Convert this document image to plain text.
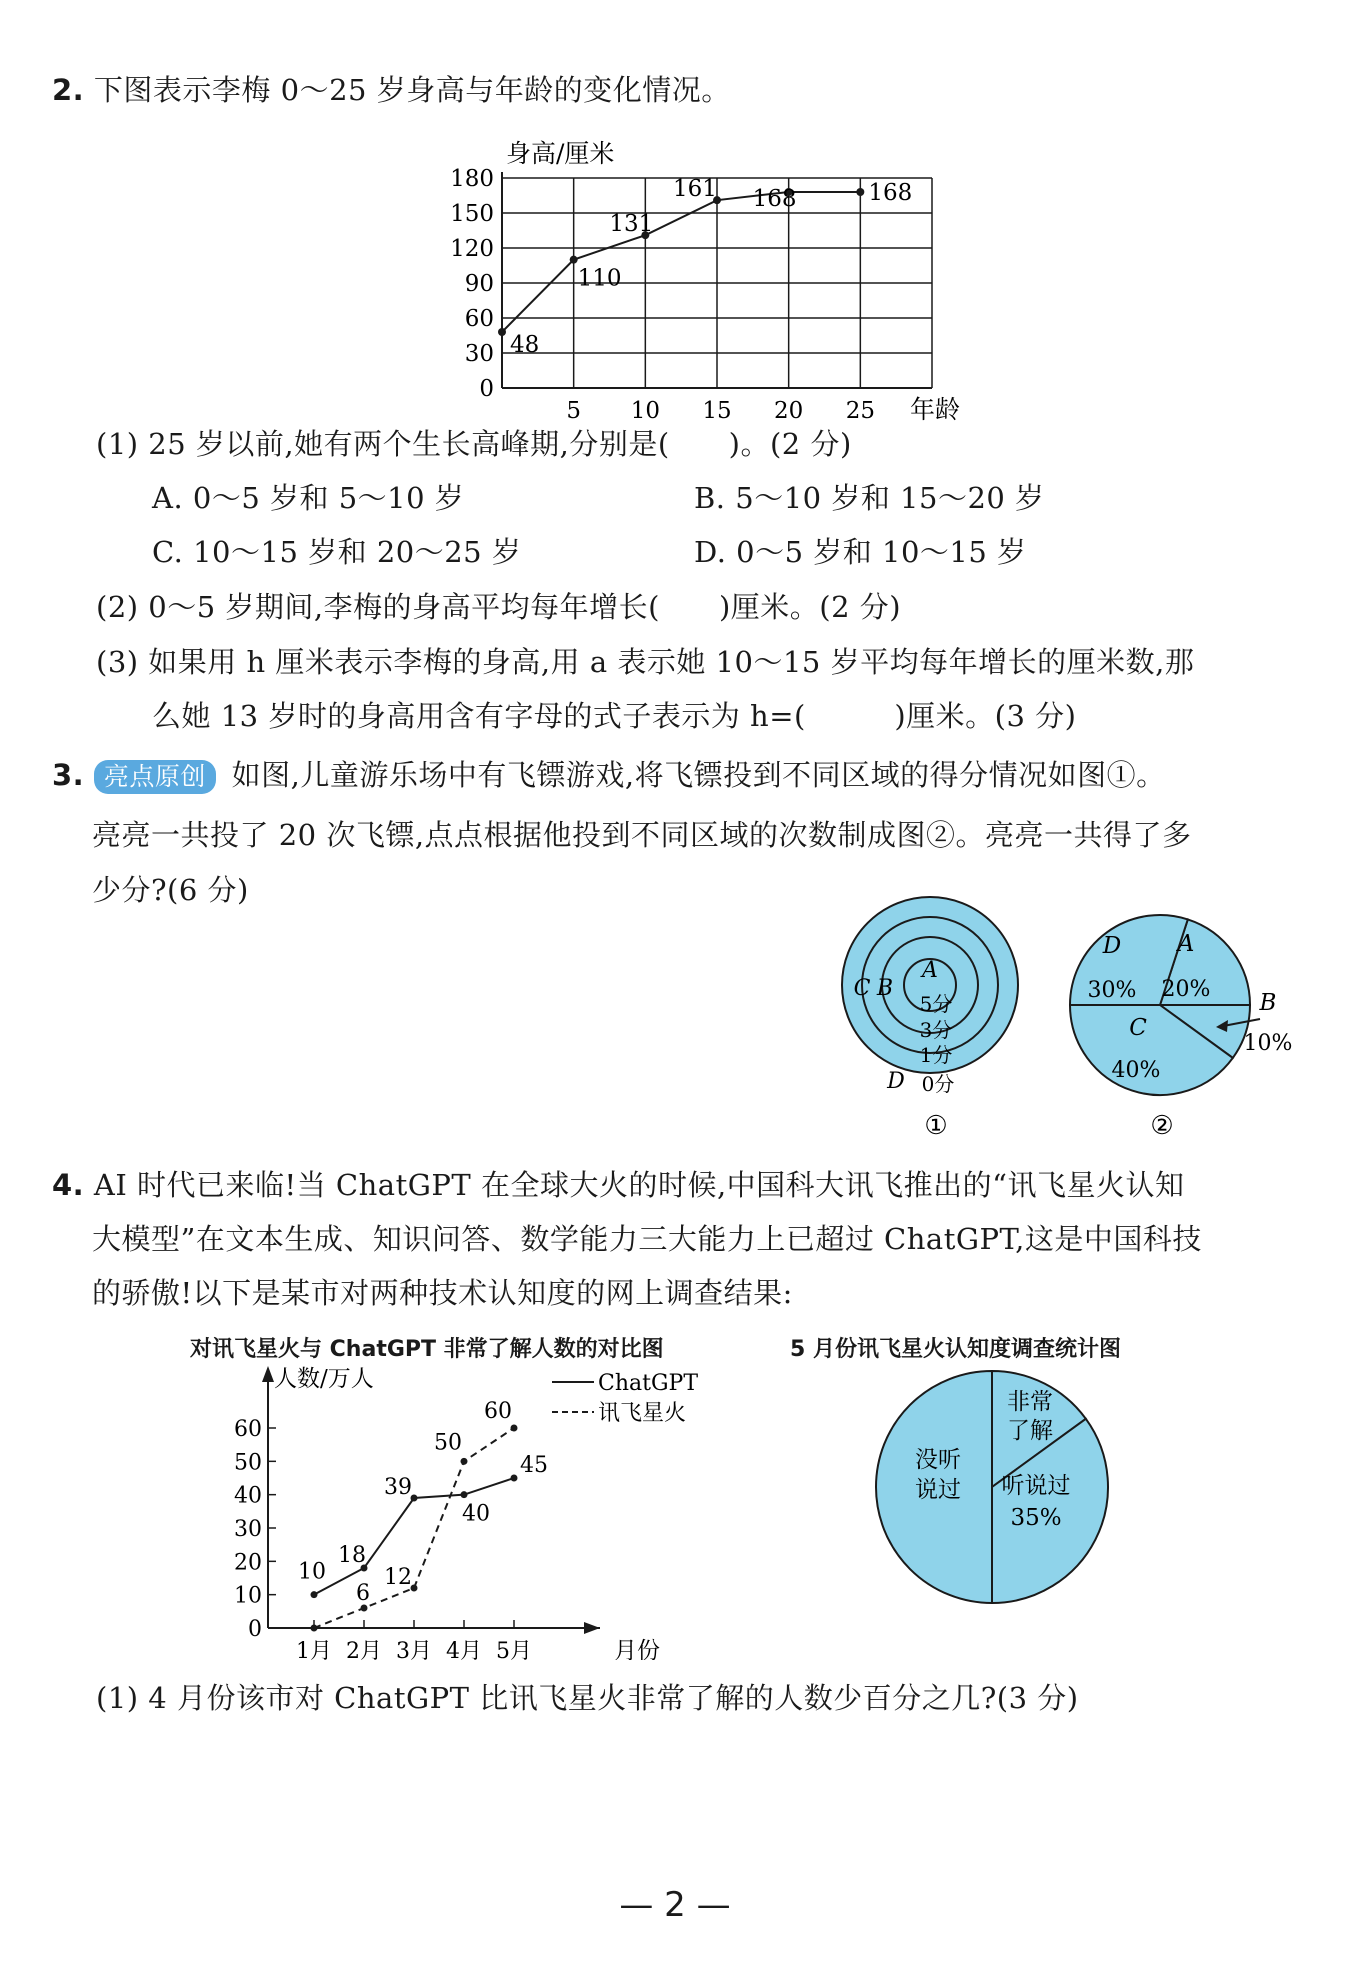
2. 下图表示李梅 0～25 岁身高与年龄的变化情况。
0
30
60
90
120
150
180
5 10 15 20 25
48
110
131
161 168	168
身高/厘米
年龄
(1) 25 岁以前,她有两个生长高峰期,分别是(　　)。(2 分)
A. 0～5 岁和 5～10 岁	B. 5～10 岁和 15～20 岁
C. 10～15 岁和 20～25 岁	D. 0～5 岁和 10～15 岁
(2) 0～5 岁期间,李梅的身高平均每年增长(　　)厘米。(2 分)
(3) 如果用 h 厘米表示李梅的身高,用 a 表示她 10～15 岁平均每年增长的厘米数,那
么她 13 岁时的身高用含有字母的式子表示为 h=(　　　)厘米。(3 分)
3. 亮点原创 如图,儿童游乐场中有飞镖游戏,将飞镖投到不同区域的得分情况如图①。
亮亮一共投了 20 次飞镖,点点根据他投到不同区域的次数制成图②。亮亮一共得了多
少分?(6 分)
A
B
C
D
5分
3分
1分
0分
①
D A
20%
30%
C
40%
B
10%
②
4. AI 时代已来临!当 ChatGPT 在全球大火的时候,中国科大讯飞推出的“讯飞星火认知
大模型”在文本生成、知识问答、数学能力三大能力上已超过 ChatGPT,这是中国科技
的骄傲!以下是某市对两种技术认知度的网上调查结果:
对讯飞星火与 ChatGPT 非常了解人数的对比图	5 月份讯飞星火认知度调查统计图
0
10
20
30
40
50
60
1月 2月 3月 4月 5月
10
18
39
40
45
6
12
50
60
ChatGPT
讯飞星火
人数/万人
月份
非常
了解
听说过
35%
没听
说过
(1) 4 月份该市对 ChatGPT 比讯飞星火非常了解的人数少百分之几?(3 分)
— 2 —
